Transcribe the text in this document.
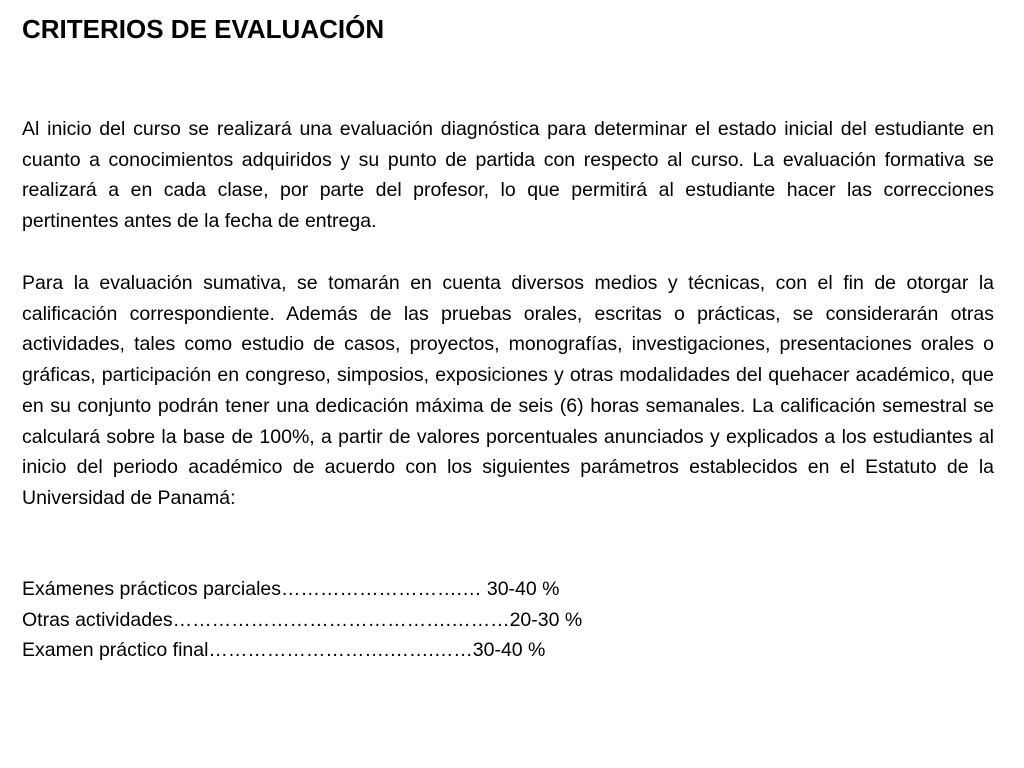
CRITERIOS DE EVALUACIÓN

Al inicio del curso se realizará una evaluación diagnóstica para determinar el estado inicial del estudiante en cuanto a conocimientos adquiridos y su punto de partida con respecto al curso. La evaluación formativa se realizará a en cada clase, por parte del profesor, lo que permitirá al estudiante hacer las correcciones pertinentes antes de la fecha de entrega.

Para la evaluación sumativa, se tomarán en cuenta diversos medios y técnicas, con el fin de otorgar la calificación correspondiente. Además de las pruebas orales, escritas o prácticas, se considerarán otras actividades, tales como estudio de casos, proyectos, monografías, investigaciones, presentaciones orales o gráficas, participación en congreso, simposios, exposiciones y otras modalidades del quehacer académico, que en su conjunto podrán tener una dedicación máxima de seis (6) horas semanales. La calificación semestral se calculará sobre la base de 100%, a partir de valores porcentuales anunciados y explicados a los estudiantes al inicio del periodo académico de acuerdo con los siguientes parámetros establecidos en el Estatuto de la Universidad de Panamá:

Exámenes prácticos parciales……………………….… 30-40 %
Otras actividades…………………………………….………20-30 %
Examen práctico final……………………….…….……30-40 %
